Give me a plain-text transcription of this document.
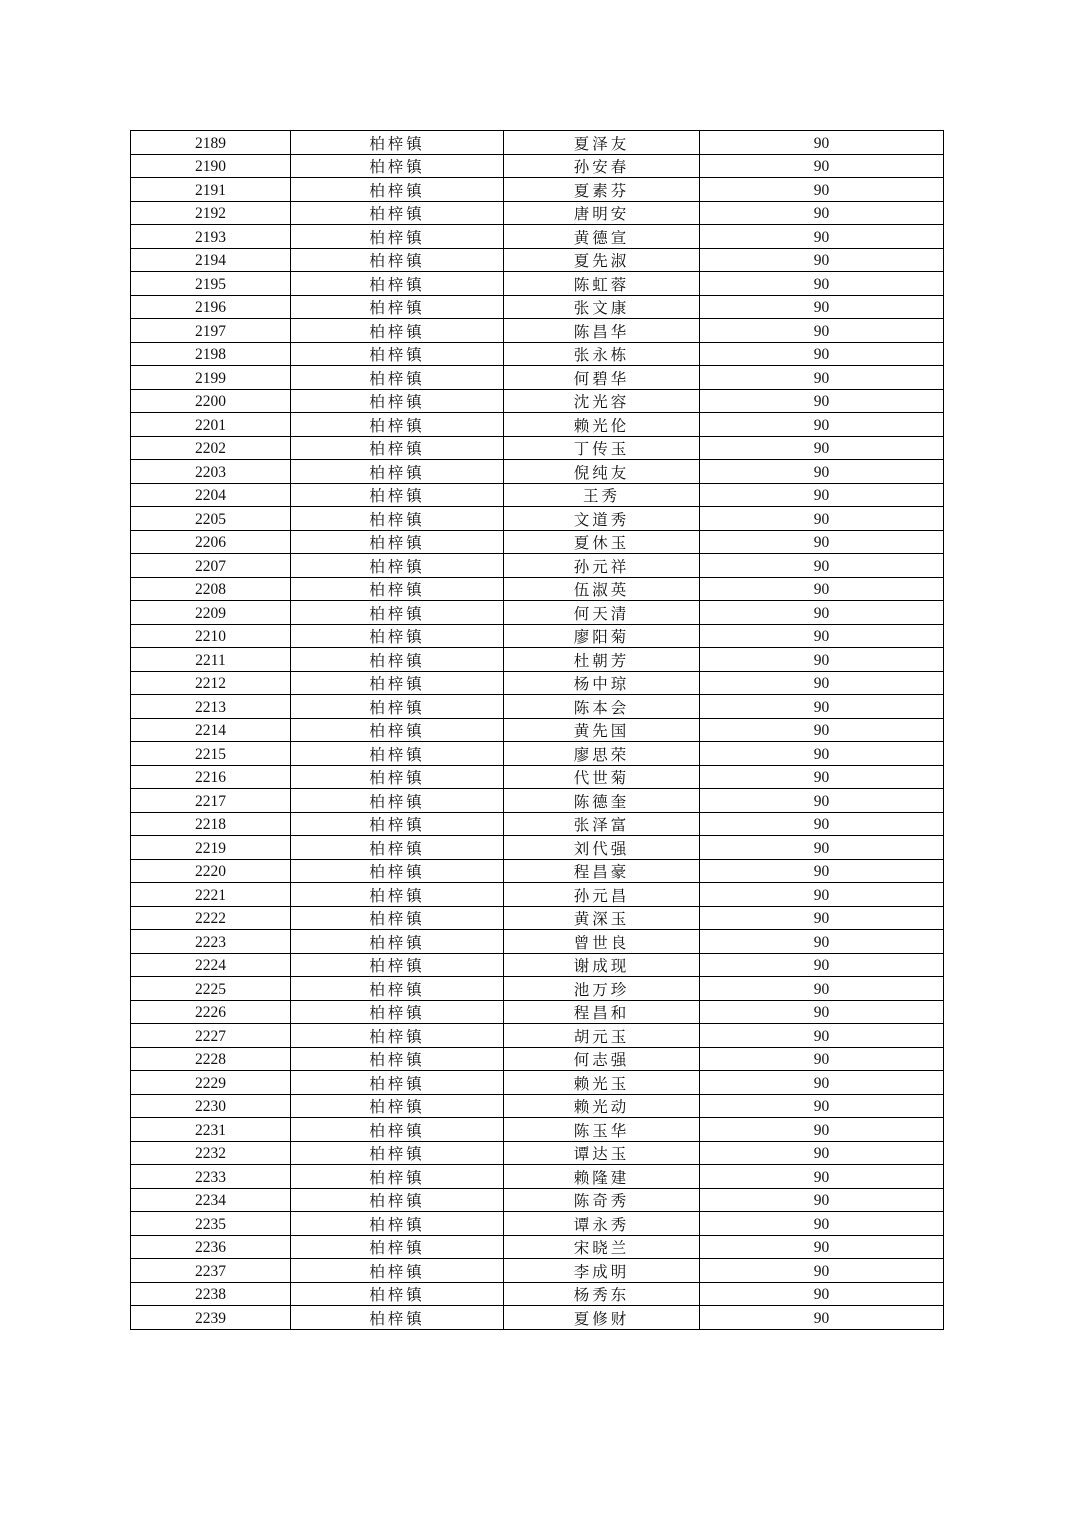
2189	柏梓镇	夏泽友	90
2190	柏梓镇	孙安春	90
2191	柏梓镇	夏素芬	90
2192	柏梓镇	唐明安	90
2193	柏梓镇	黄德宣	90
2194	柏梓镇	夏先淑	90
2195	柏梓镇	陈虹蓉	90
2196	柏梓镇	张文康	90
2197	柏梓镇	陈昌华	90
2198	柏梓镇	张永栋	90
2199	柏梓镇	何碧华	90
2200	柏梓镇	沈光容	90
2201	柏梓镇	赖光伦	90
2202	柏梓镇	丁传玉	90
2203	柏梓镇	倪纯友	90
2204	柏梓镇	王秀	90
2205	柏梓镇	文道秀	90
2206	柏梓镇	夏休玉	90
2207	柏梓镇	孙元祥	90
2208	柏梓镇	伍淑英	90
2209	柏梓镇	何天清	90
2210	柏梓镇	廖阳菊	90
2211	柏梓镇	杜朝芳	90
2212	柏梓镇	杨中琼	90
2213	柏梓镇	陈本会	90
2214	柏梓镇	黄先国	90
2215	柏梓镇	廖思荣	90
2216	柏梓镇	代世菊	90
2217	柏梓镇	陈德奎	90
2218	柏梓镇	张泽富	90
2219	柏梓镇	刘代强	90
2220	柏梓镇	程昌豪	90
2221	柏梓镇	孙元昌	90
2222	柏梓镇	黄深玉	90
2223	柏梓镇	曾世良	90
2224	柏梓镇	谢成现	90
2225	柏梓镇	池万珍	90
2226	柏梓镇	程昌和	90
2227	柏梓镇	胡元玉	90
2228	柏梓镇	何志强	90
2229	柏梓镇	赖光玉	90
2230	柏梓镇	赖光动	90
2231	柏梓镇	陈玉华	90
2232	柏梓镇	谭达玉	90
2233	柏梓镇	赖隆建	90
2234	柏梓镇	陈奇秀	90
2235	柏梓镇	谭永秀	90
2236	柏梓镇	宋晓兰	90
2237	柏梓镇	李成明	90
2238	柏梓镇	杨秀东	90
2239	柏梓镇	夏修财	90
